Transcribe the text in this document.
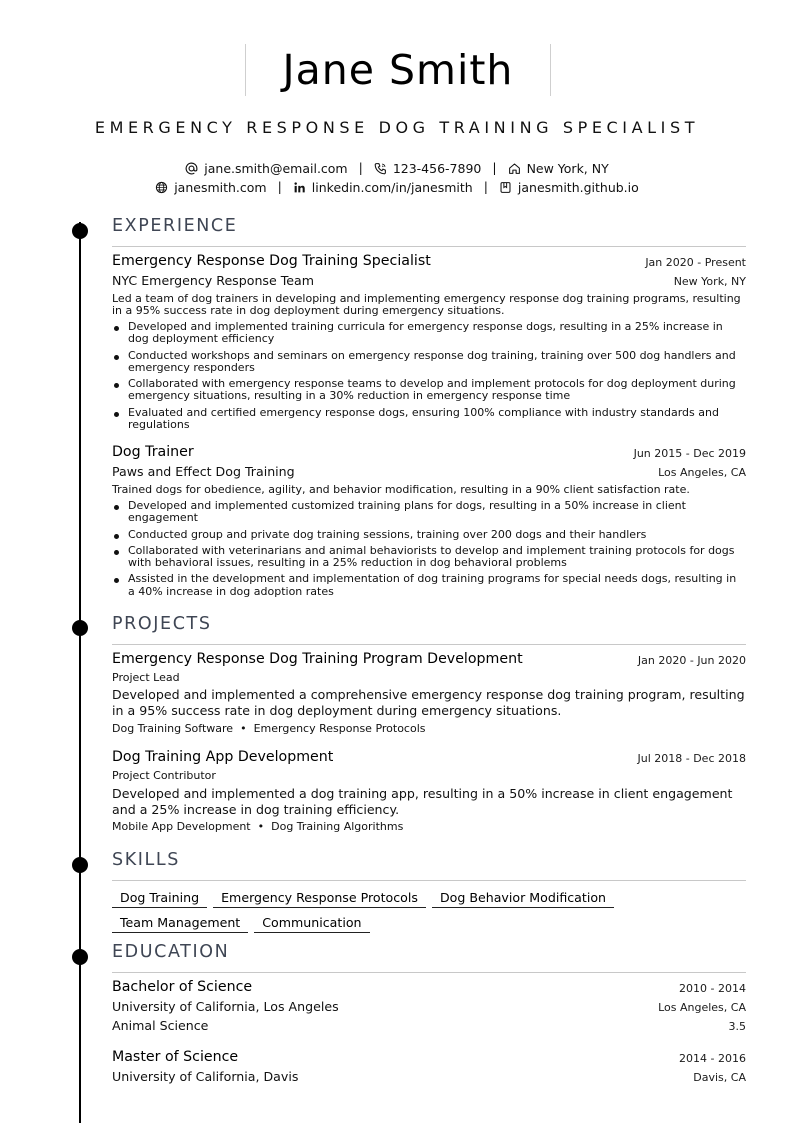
Jane Smith
EMERGENCY RESPONSE DOG TRAINING SPECIALIST
jane.smith@email.com | 123-456-7890 | New York, NY
janesmith.com | linkedin.com/in/janesmith | janesmith.github.io
EXPERIENCE
Emergency Response Dog Training Specialist	Jan 2020 - Present
NYC Emergency Response Team	New York, NY
Led a team of dog trainers in developing and implementing emergency response dog training programs, resulting in a 95% success rate in dog deployment during emergency situations.
Developed and implemented training curricula for emergency response dogs, resulting in a 25% increase in dog deployment efficiency
Conducted workshops and seminars on emergency response dog training, training over 500 dog handlers and emergency responders
Collaborated with emergency response teams to develop and implement protocols for dog deployment during emergency situations, resulting in a 30% reduction in emergency response time
Evaluated and certified emergency response dogs, ensuring 100% compliance with industry standards and regulations
Dog Trainer	Jun 2015 - Dec 2019
Paws and Effect Dog Training	Los Angeles, CA
Trained dogs for obedience, agility, and behavior modification, resulting in a 90% client satisfaction rate.
Developed and implemented customized training plans for dogs, resulting in a 50% increase in client engagement
Conducted group and private dog training sessions, training over 200 dogs and their handlers
Collaborated with veterinarians and animal behaviorists to develop and implement training protocols for dogs with behavioral issues, resulting in a 25% reduction in dog behavioral problems
Assisted in the development and implementation of dog training programs for special needs dogs, resulting in a 40% increase in dog adoption rates
PROJECTS
Emergency Response Dog Training Program Development	Jan 2020 - Jun 2020
Project Lead
Developed and implemented a comprehensive emergency response dog training program, resulting in a 95% success rate in dog deployment during emergency situations.
Dog Training Software • Emergency Response Protocols
Dog Training App Development	Jul 2018 - Dec 2018
Project Contributor
Developed and implemented a dog training app, resulting in a 50% increase in client engagement and a 25% increase in dog training efficiency.
Mobile App Development • Dog Training Algorithms
SKILLS
Dog Training Emergency Response Protocols Dog Behavior Modification
Team Management Communication
EDUCATION
Bachelor of Science	2010 - 2014
University of California, Los Angeles	Los Angeles, CA
Animal Science	3.5
Master of Science	2014 - 2016
University of California, Davis	Davis, CA
